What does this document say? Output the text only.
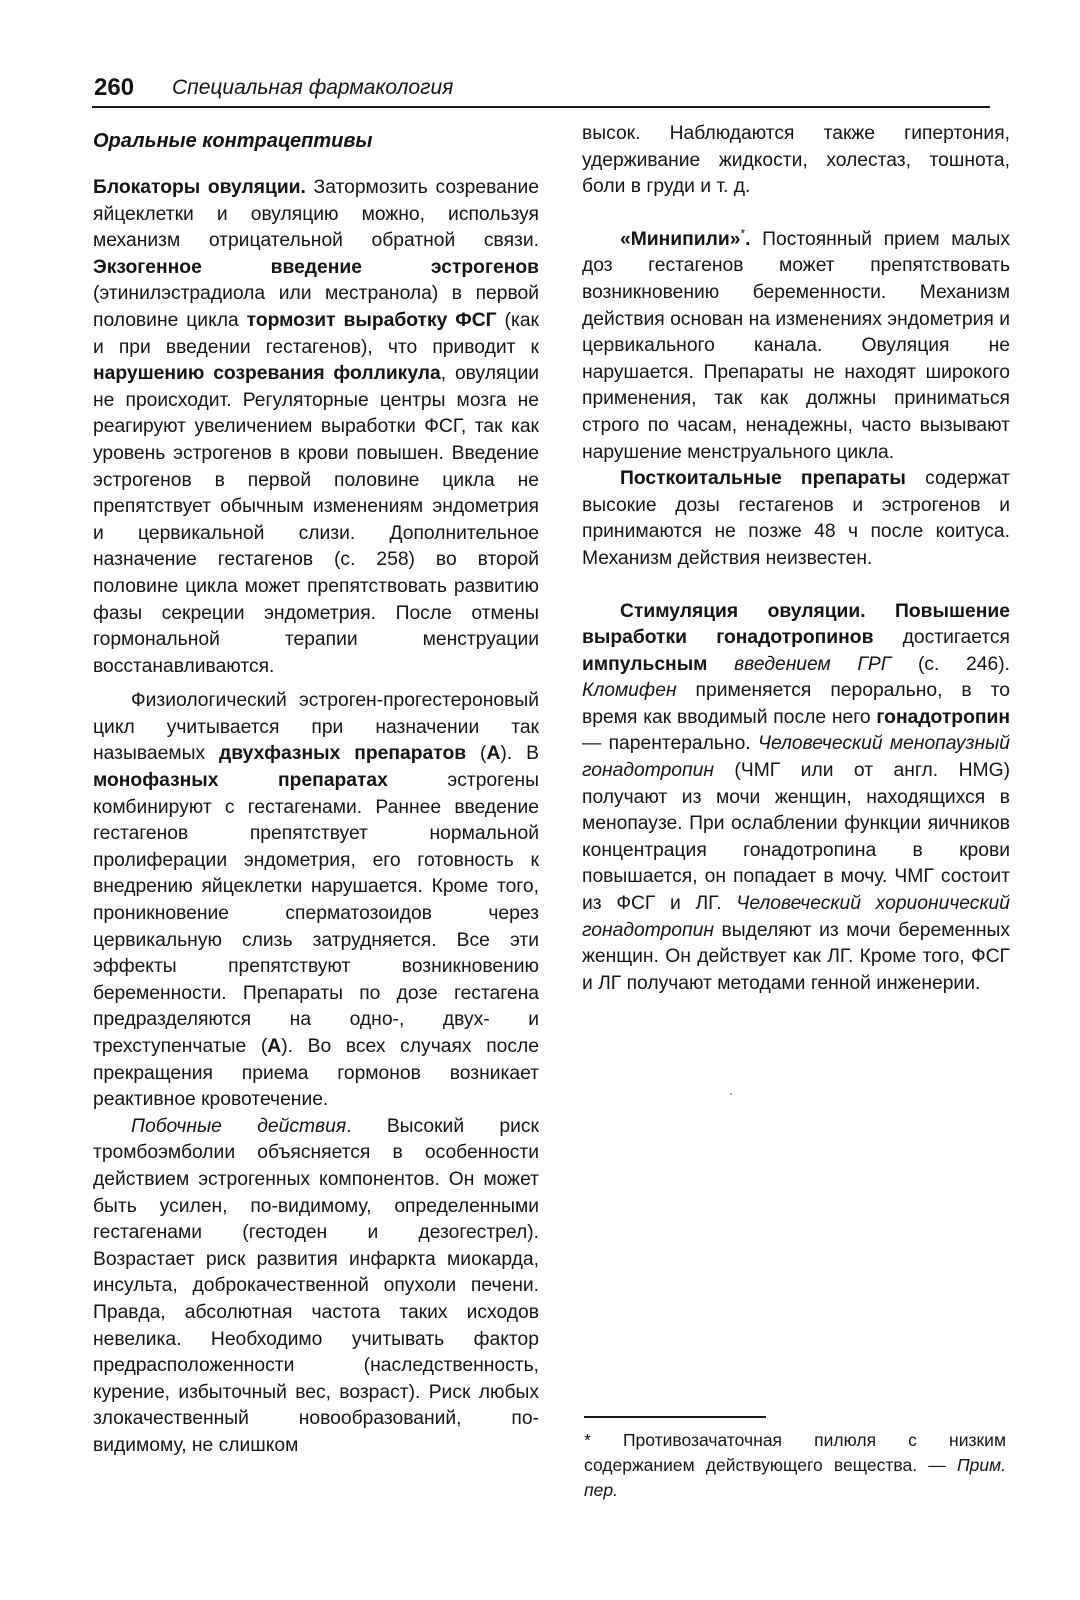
260 Специальная фармакология
Оральные контрацептивы

Блокаторы овуляции. Затормозить созревание яйцеклетки и овуляцию можно, используя механизм отрицательной обратной связи. Экзогенное введение эстрогенов (этинилэстрадиола или местранола) в первой половине цикла тормозит выработку ФСГ (как и при введении гестагенов), что приводит к нарушению созревания фолликула, овуляции не происходит. Регуляторные центры мозга не реагируют увеличением выработки ФСГ, так как уровень эстрогенов в крови повышен. Введение эстрогенов в первой половине цикла не препятствует обычным изменениям эндометрия и цервикальной слизи. Дополнительное назначение гестагенов (с. 258) во второй половине цикла может препятствовать развитию фазы секреции эндометрия. После отмены гормональной терапии менструации восстанавливаются.

Физиологический эстроген-прогестероновый цикл учитывается при назначении так называемых двухфазных препаратов (А). В монофазных препаратах эстрогены комбинируют с гестагенами. Раннее введение гестагенов препятствует нормальной пролиферации эндометрия, его готовность к внедрению яйцеклетки нарушается. Кроме того, проникновение сперматозоидов через цервикальную слизь затрудняется. Все эти эффекты препятствуют возникновению беременности. Препараты по дозе гестагена предразделяются на одно-, двух- и трехступенчатые (А). Во всех случаях после прекращения приема гормонов возникает реактивное кровотечение.

Побочные действия. Высокий риск тромбоэмболии объясняется в особенности действием эстрогенных компонентов. Он может быть усилен, по-видимому, определенными гестагенами (гестоден и дезогестрел). Возрастает риск развития инфаркта миокарда, инсульта, доброкачественной опухоли печени. Правда, абсолютная частота таких исходов невелика. Необходимо учитывать фактор предрасположенности (наследственность, курение, избыточный вес, возраст). Риск любых злокачественный новообразований, по-видимому, не слишком

высок. Наблюдаются также гипертония, удерживание жидкости, холестаз, тошнота, боли в груди и т. д.

«Минипили»*. Постоянный прием малых доз гестагенов может препятствовать возникновению беременности. Механизм действия основан на изменениях эндометрия и цервикального канала. Овуляция не нарушается. Препараты не находят широкого применения, так как должны приниматься строго по часам, ненадежны, часто вызывают нарушение менструального цикла.

Посткоитальные препараты содержат высокие дозы гестагенов и эстрогенов и принимаются не позже 48 ч после коитуса. Механизм действия неизвестен.

Стимуляция овуляции. Повышение выработки гонадотропинов достигается импульсным введением ГРГ (с. 246). Кломифен применяется перорально, в то время как вводимый после него гонадотропин — парентерально. Человеческий менопаузный гонадотропин (ЧМГ или от англ. HMG) получают из мочи женщин, находящихся в менопаузе. При ослаблении функции яичников концентрация гонадотропина в крови повышается, он попадает в мочу. ЧМГ состоит из ФСГ и ЛГ. Человеческий хорионический гонадотропин выделяют из мочи беременных женщин. Он действует как ЛГ. Кроме того, ФСГ и ЛГ получают методами генной инженерии.

* Противозачаточная пилюля с низким содержанием действующего вещества. — Прим. пер.
